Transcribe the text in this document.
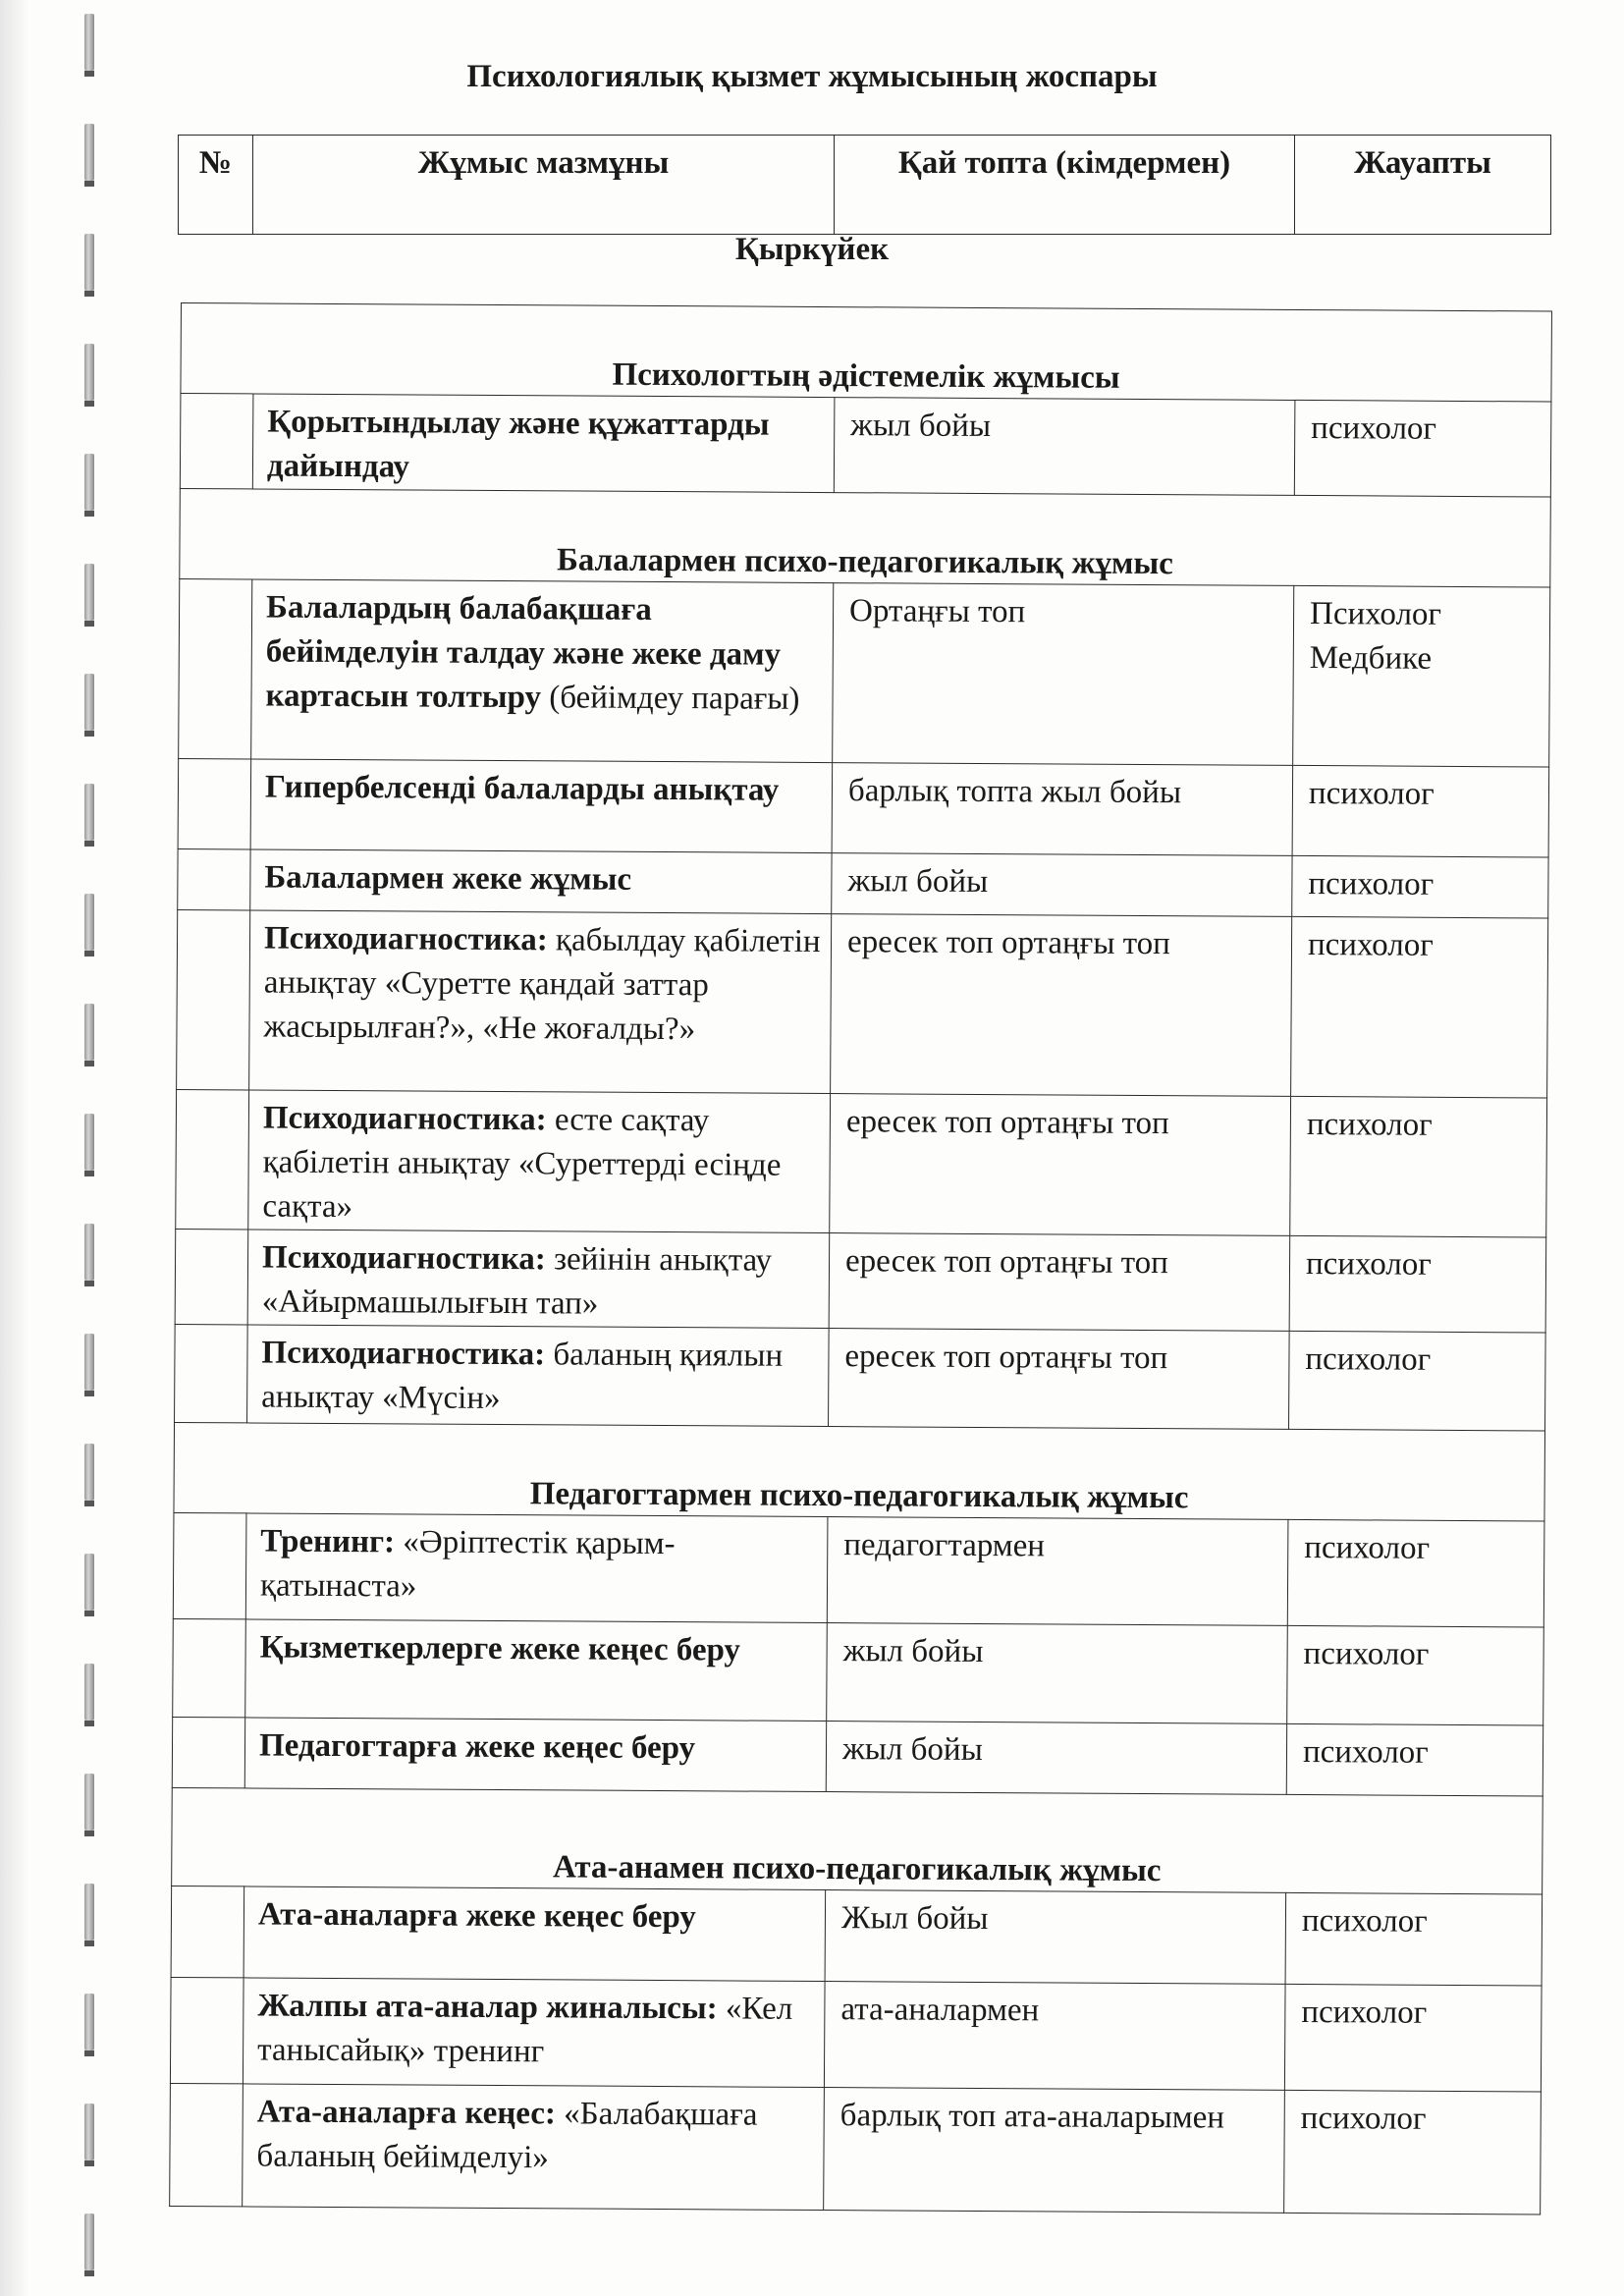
Психологиялық қызмет жұмысының жоспары
№	Жұмыс мазмұны	Қай топта (кімдермен)	Жауапты
Қыркүйек
Психологтың әдістемелік жұмысы			
	Қорытындылау және құжаттарды дайындау	жыл бойы	психолог
Балалармен психо-педагогикалық жұмыс			
	Балалардың балабақшаға бейімделуін талдау және жеке даму картасын толтыру (бейімдеу парағы)	Ортаңғы топ	Психолог Медбике
	Гипербелсенді балаларды анықтау	барлық топта жыл бойы	психолог
	Балалармен жеке жұмыс	жыл бойы	психолог
	Психодиагностика: қабылдау қабілетін анықтау «Суретте қандай заттар жасырылған?», «Не жоғалды?»	ересек топ ортаңғы топ	психолог
	Психодиагностика: есте сақтау қабілетін анықтау «Суреттерді есіңде сақта»	ересек топ ортаңғы топ	психолог
	Психодиагностика: зейінін анықтау «Айырмашылығын тап»	ересек топ ортаңғы топ	психолог
	Психодиагностика: баланың қиялын анықтау «Мүсін»	ересек топ ортаңғы топ	психолог
Педагогтармен психо-педагогикалық жұмыс			
	Тренинг: «Әріптестік қарым-қатынаста»	педагогтармен	психолог
	Қызметкерлерге жеке кеңес беру	жыл бойы	психолог
	Педагогтарға жеке кеңес беру	жыл бойы	психолог
Ата-анамен психо-педагогикалық жұмыс			
	Ата-аналарға жеке кеңес беру	Жыл бойы	психолог
	Жалпы ата-аналар жиналысы: «Кел танысайық» тренинг	ата-аналармен	психолог
	Ата-аналарға кеңес: «Балабақшаға баланың бейімделуі»	барлық топ ата-аналарымен	психолог
